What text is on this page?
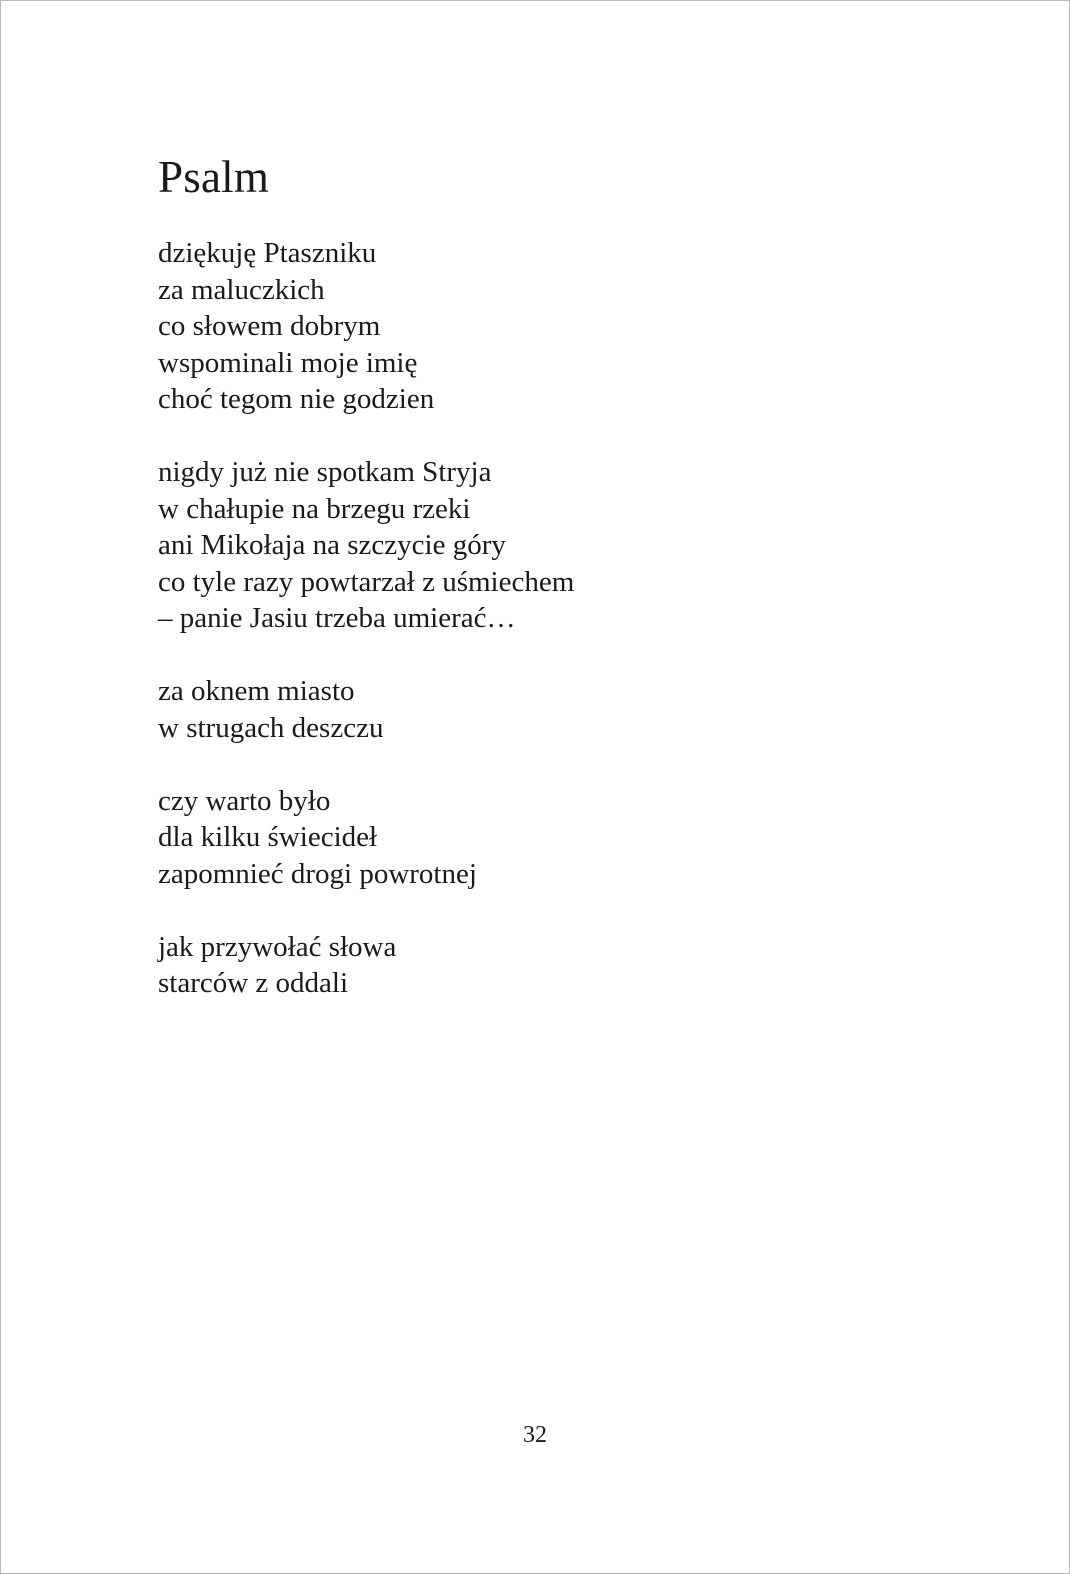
Psalm
dziękuję Ptaszniku
za maluczkich
co słowem dobrym
wspominali moje imię
choć tegom nie godzien
nigdy już nie spotkam Stryja
w chałupie na brzegu rzeki
ani Mikołaja na szczycie góry
co tyle razy powtarzał z uśmiechem
– panie Jasiu trzeba umierać…
za oknem miasto
w strugach deszczu
czy warto było
dla kilku świecideł
zapomnieć drogi powrotnej
jak przywołać słowa
starców z oddali
32
